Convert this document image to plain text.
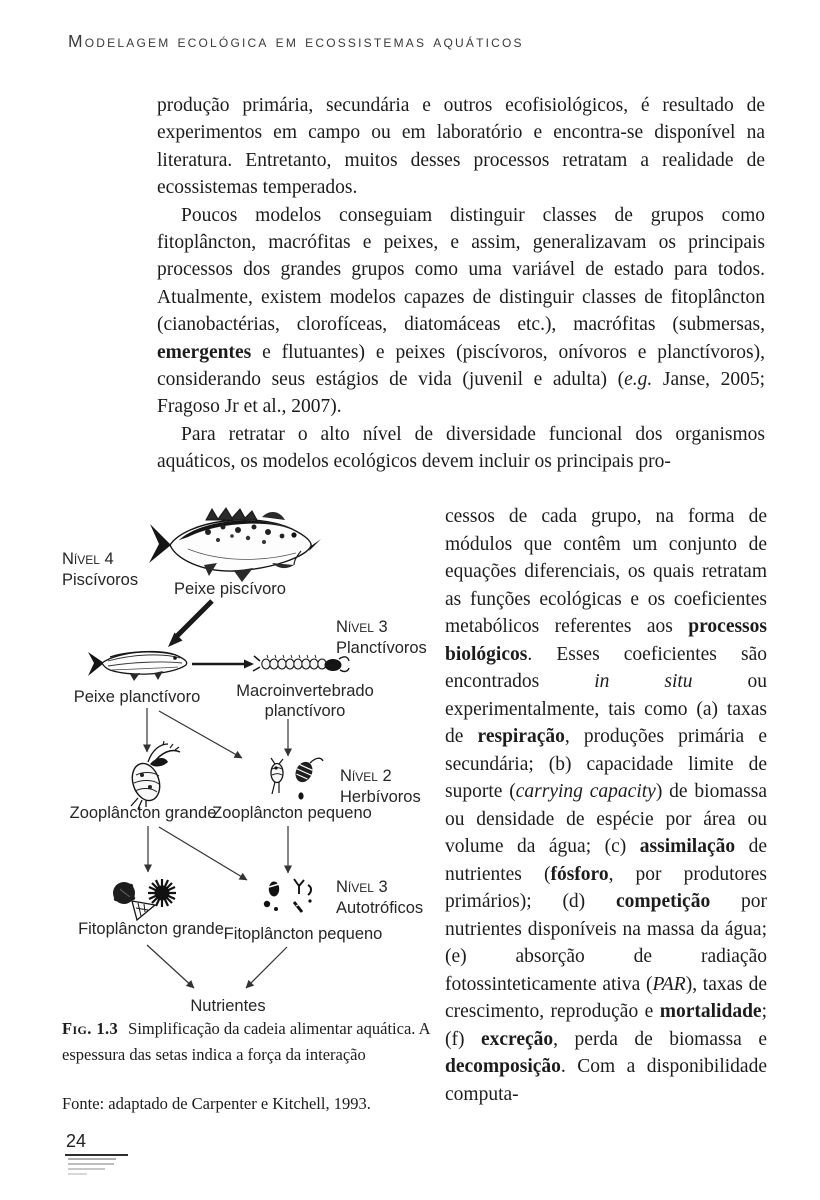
Modelagem ecológica em ecossistemas aquáticos

produção primária, secundária e outros ecofisiológicos, é resultado de experimentos em campo ou em laboratório e encontra-se disponível na literatura. Entretanto, muitos desses processos retratam a realidade de ecossistemas temperados.

Poucos modelos conseguiam distinguir classes de grupos como fitoplâncton, macrófitas e peixes, e assim, generalizavam os principais processos dos grandes grupos como uma variável de estado para todos. Atualmente, existem modelos capazes de distinguir classes de fitoplâncton (cianobactérias, clorofíceas, diatomáceas etc.), macrófitas (submersas, emergentes e flutuantes) e peixes (piscívoros, onívoros e planctívoros), considerando seus estágios de vida (juvenil e adulta) (e.g. Janse, 2005; Fragoso Jr et al., 2007).

Para retratar o alto nível de diversidade funcional dos organismos aquáticos, os modelos ecológicos devem incluir os principais pro-

cessos de cada grupo, na forma de módulos que contêm um conjunto de equações diferenciais, os quais retratam as funções ecológicas e os coeficientes metabólicos referentes aos processos biológicos. Esses coeficientes são encontrados in situ ou experimentalmente, tais como (a) taxas de respiração, produções primária e secundária; (b) capacidade limite de suporte (carrying capacity) de biomassa ou densidade de espécie por área ou volume da água; (c) assimilação de nutrientes (fósforo, por produtores primários); (d) competição por nutrientes disponíveis na massa da água; (e) absorção de radiação fotossinteticamente ativa (PAR), taxas de crescimento, reprodução e mortalidade; (f) excreção, perda de biomassa e decomposição. Com a disponibilidade computa-
Nível 4
Piscívoros
Nível 3
Planctívoros
Nível 2
Herbívoros
Nível 3
Autotróficos
Peixe piscívoro
Peixe planctívoro	Macroinvertebrado planctívoro
Zooplâncton grande
Zooplâncton pequeno
Fitoplâncton grande Fitoplâncton pequeno
Nutrientes
Fig. 1.3 Simplificação da cadeia alimentar aquática. A espessura das setas indica a força da interação
Fonte: adaptado de Carpenter e Kitchell, 1993.
24
